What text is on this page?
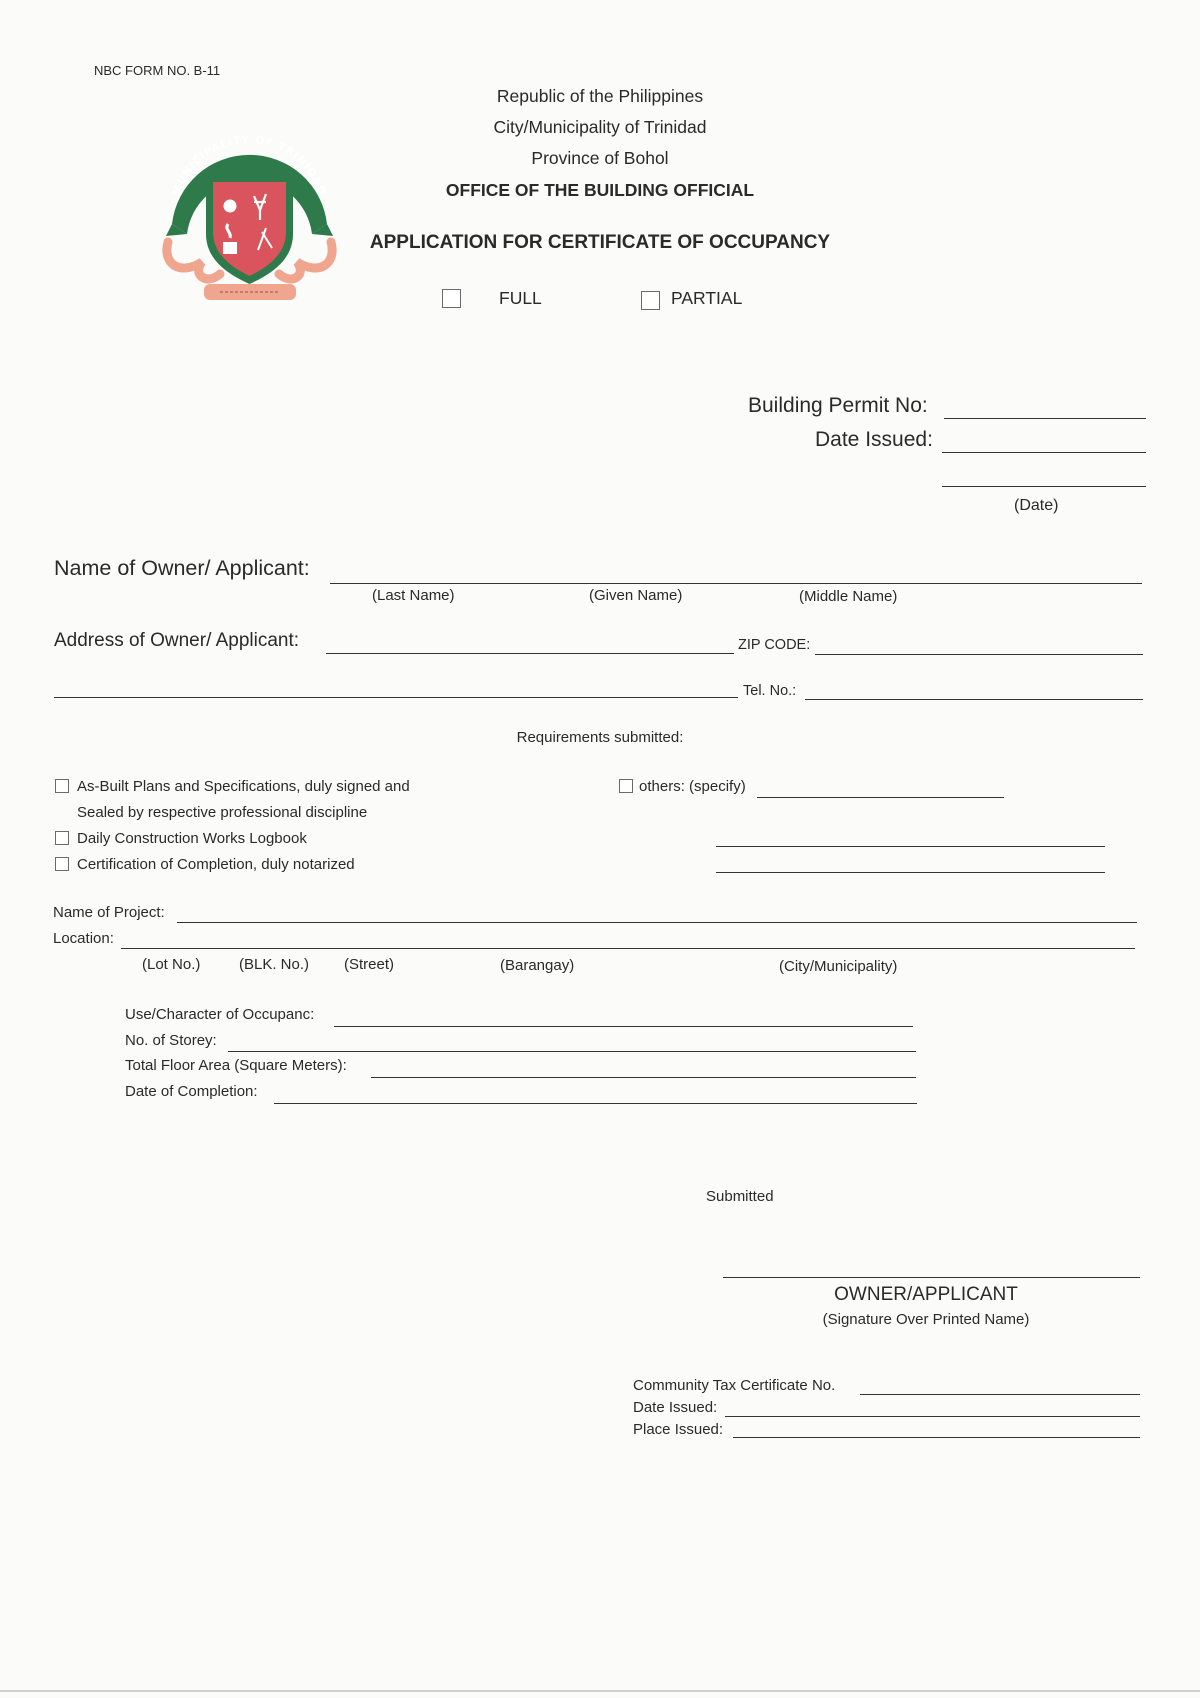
NBC FORM NO. B-11
MUNICIPALITY OF TRINIDAD
Republic of the Philippines
City/Municipality of Trinidad
Province of Bohol
OFFICE OF THE BUILDING OFFICIAL
APPLICATION FOR CERTIFICATE OF OCCUPANCY
FULL	PARTIAL
Building Permit No:
Date Issued:
(Date)
Name of Owner/ Applicant:
(Last Name)	(Given Name)	(Middle Name)
Address of Owner/ Applicant:	ZIP CODE:
Tel. No.:
Requirements submitted:
As-Built Plans and Specifications, duly signed and
Sealed by respective professional discipline
Daily Construction Works Logbook
Certification of Completion, duly notarized
others: (specify)
Name of Project:
Location:
(Lot No.)	(BLK. No.) (Street)	(Barangay)	(City/Municipality)
Use/Character of Occupanc:
No. of Storey:
Total Floor Area (Square Meters):
Date of Completion:
Submitted
OWNER/APPLICANT
(Signature Over Printed Name)
Community Tax Certificate No.
Date Issued:
Place Issued:
